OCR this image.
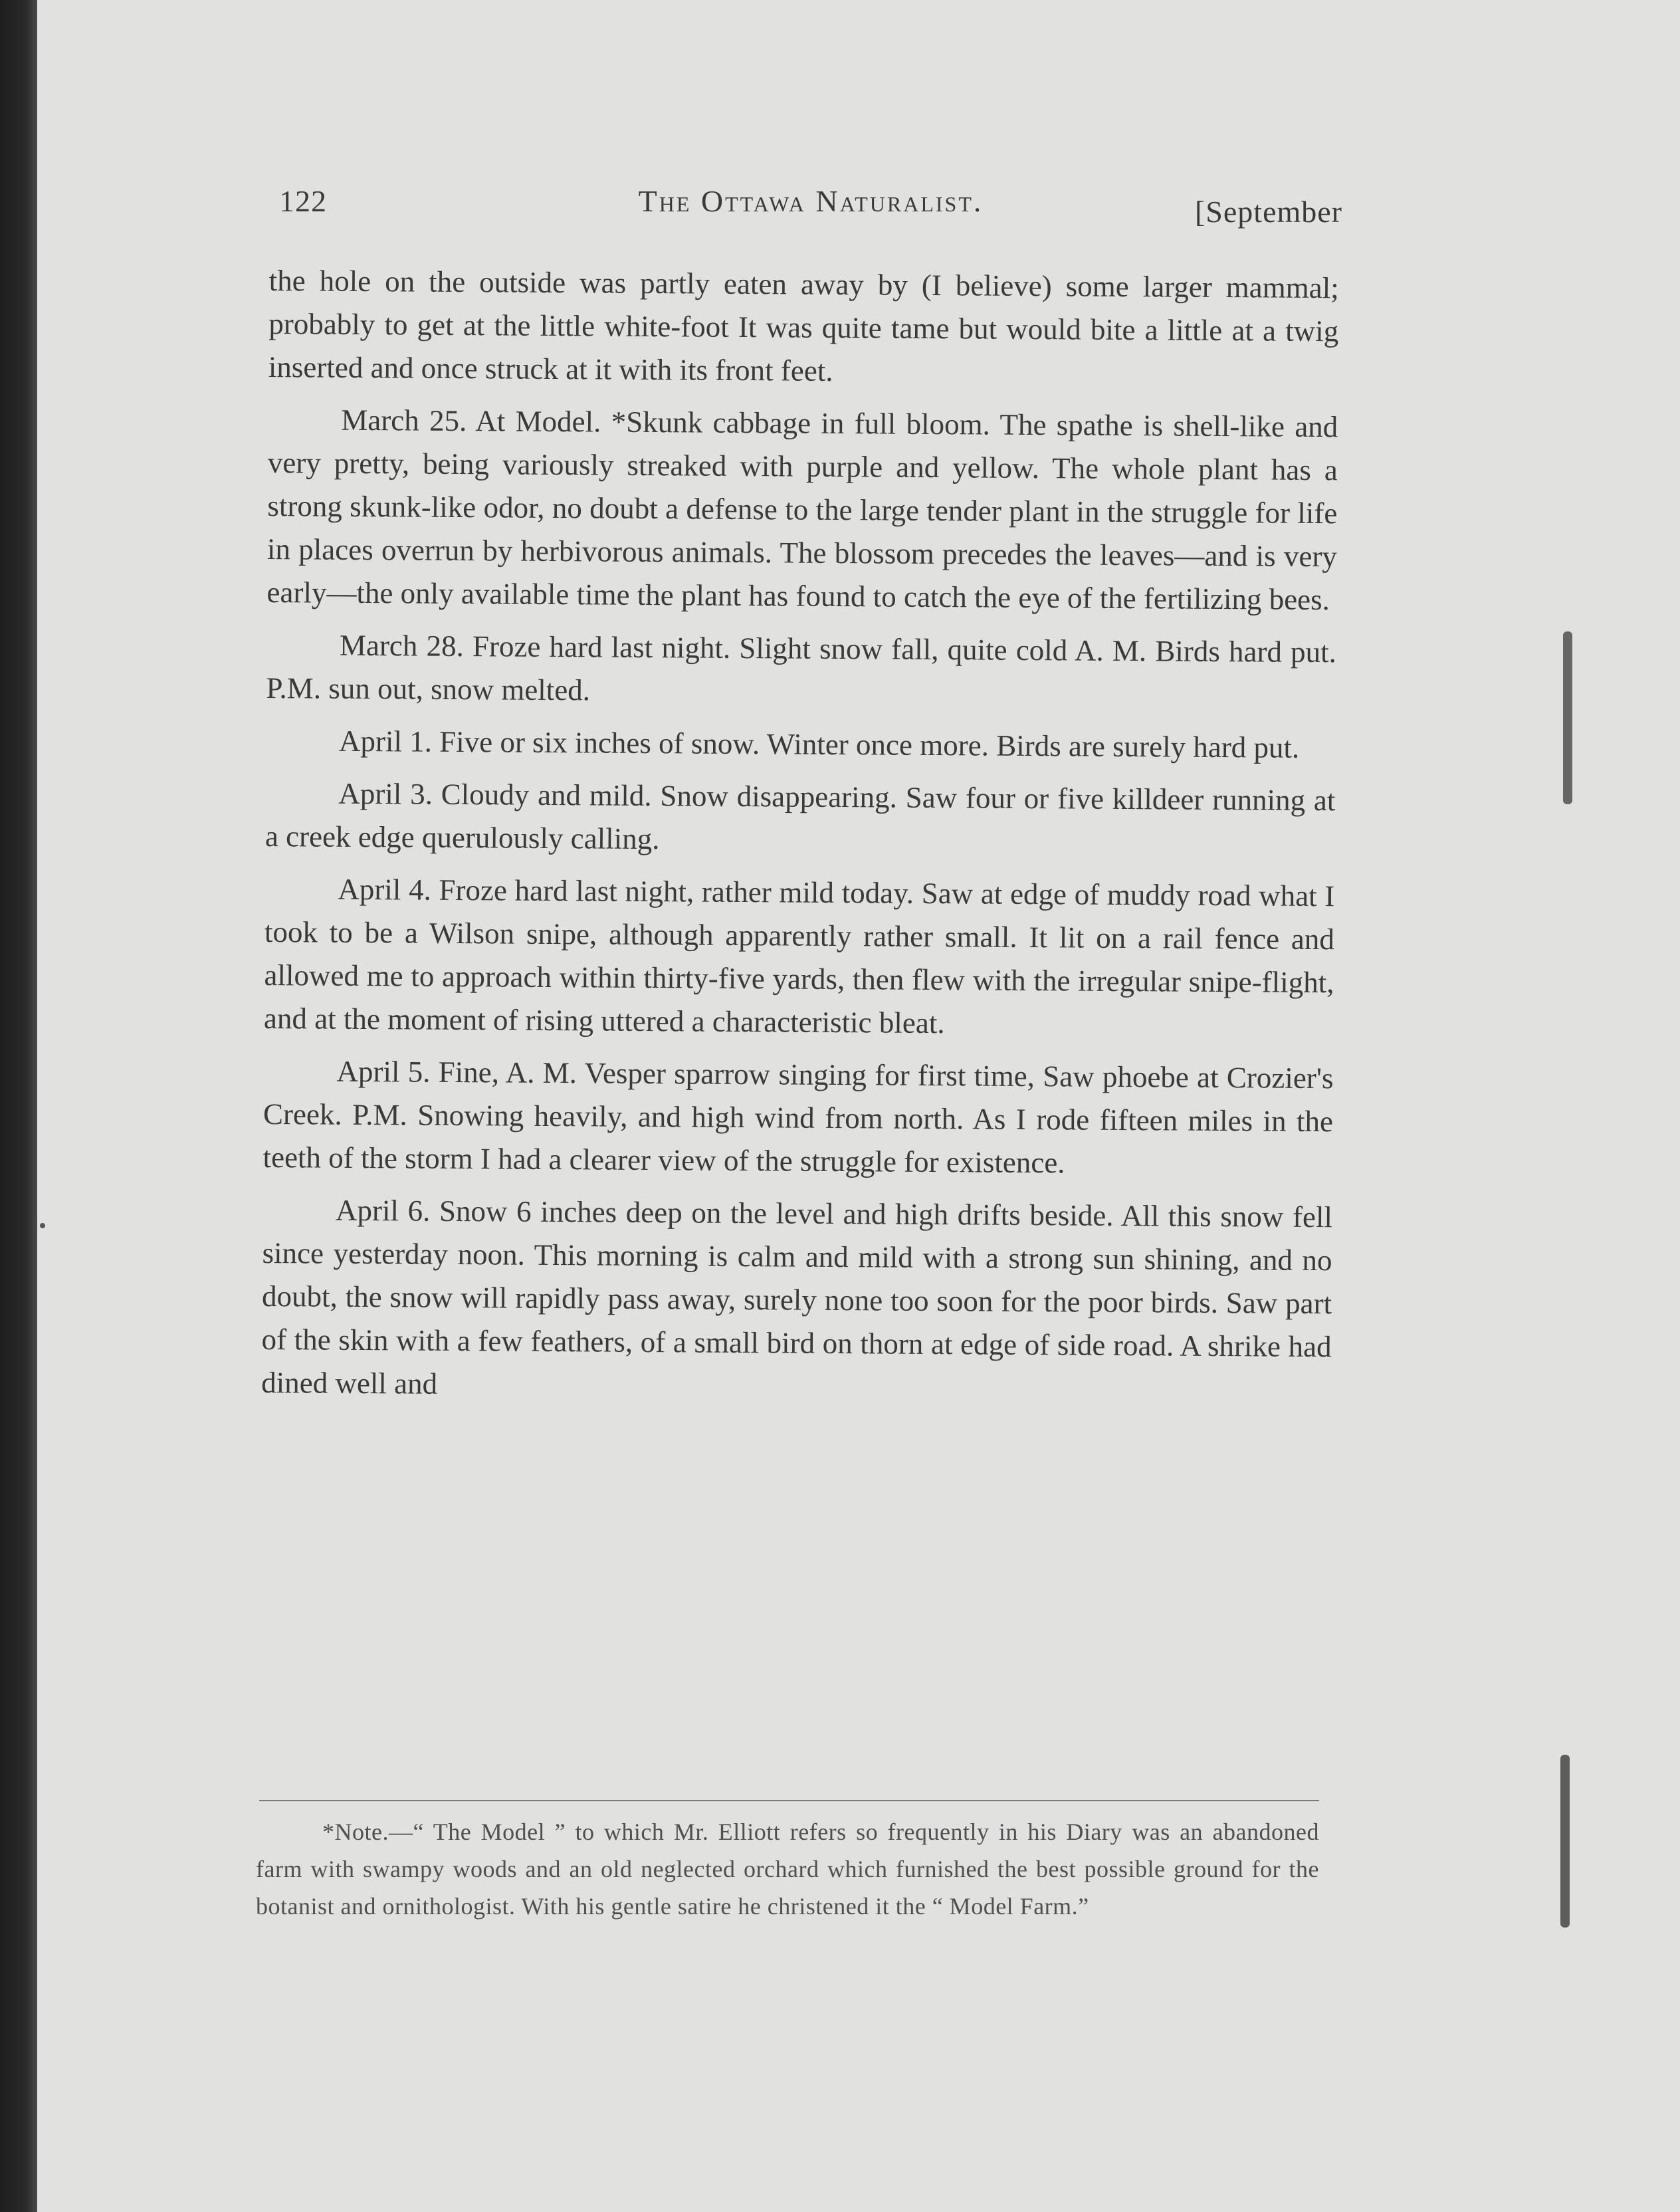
122	The Ottawa Naturalist.	[September

the hole on the outside was partly eaten away by (I believe) some larger mammal; probably to get at the little white-foot It was quite tame but would bite a little at a twig inserted and once struck at it with its front feet.

March 25. At Model. *Skunk cabbage in full bloom. The spathe is shell-like and very pretty, being variously streaked with purple and yellow. The whole plant has a strong skunk-like odor, no doubt a defense to the large tender plant in the struggle for life in places overrun by herbivorous animals. The blossom precedes the leaves—and is very early—the only available time the plant has found to catch the eye of the fertilizing bees.

March 28. Froze hard last night. Slight snow fall, quite cold A. M. Birds hard put. P.M. sun out, snow melted.

April 1. Five or six inches of snow. Winter once more. Birds are surely hard put.

April 3. Cloudy and mild. Snow disappearing. Saw four or five killdeer running at a creek edge querulously calling.

April 4. Froze hard last night, rather mild today. Saw at edge of muddy road what I took to be a Wilson snipe, although apparently rather small. It lit on a rail fence and allowed me to approach within thirty-five yards, then flew with the irregular snipe-flight, and at the moment of rising uttered a characteristic bleat.

April 5. Fine, A. M. Vesper sparrow singing for first time, Saw phoebe at Crozier's Creek. P.M. Snowing heavily, and high wind from north. As I rode fifteen miles in the teeth of the storm I had a clearer view of the struggle for existence.

April 6. Snow 6 inches deep on the level and high drifts beside. All this snow fell since yesterday noon. This morning is calm and mild with a strong sun shining, and no doubt, the snow will rapidly pass away, surely none too soon for the poor birds. Saw part of the skin with a few feathers, of a small bird on thorn at edge of side road. A shrike had dined well and

*Note.—“ The Model ” to which Mr. Elliott refers so frequently in his Diary was an abandoned farm with swampy woods and an old neglected orchard which furnished the best possible ground for the botanist and ornithologist. With his gentle satire he christened it the “ Model Farm.”
